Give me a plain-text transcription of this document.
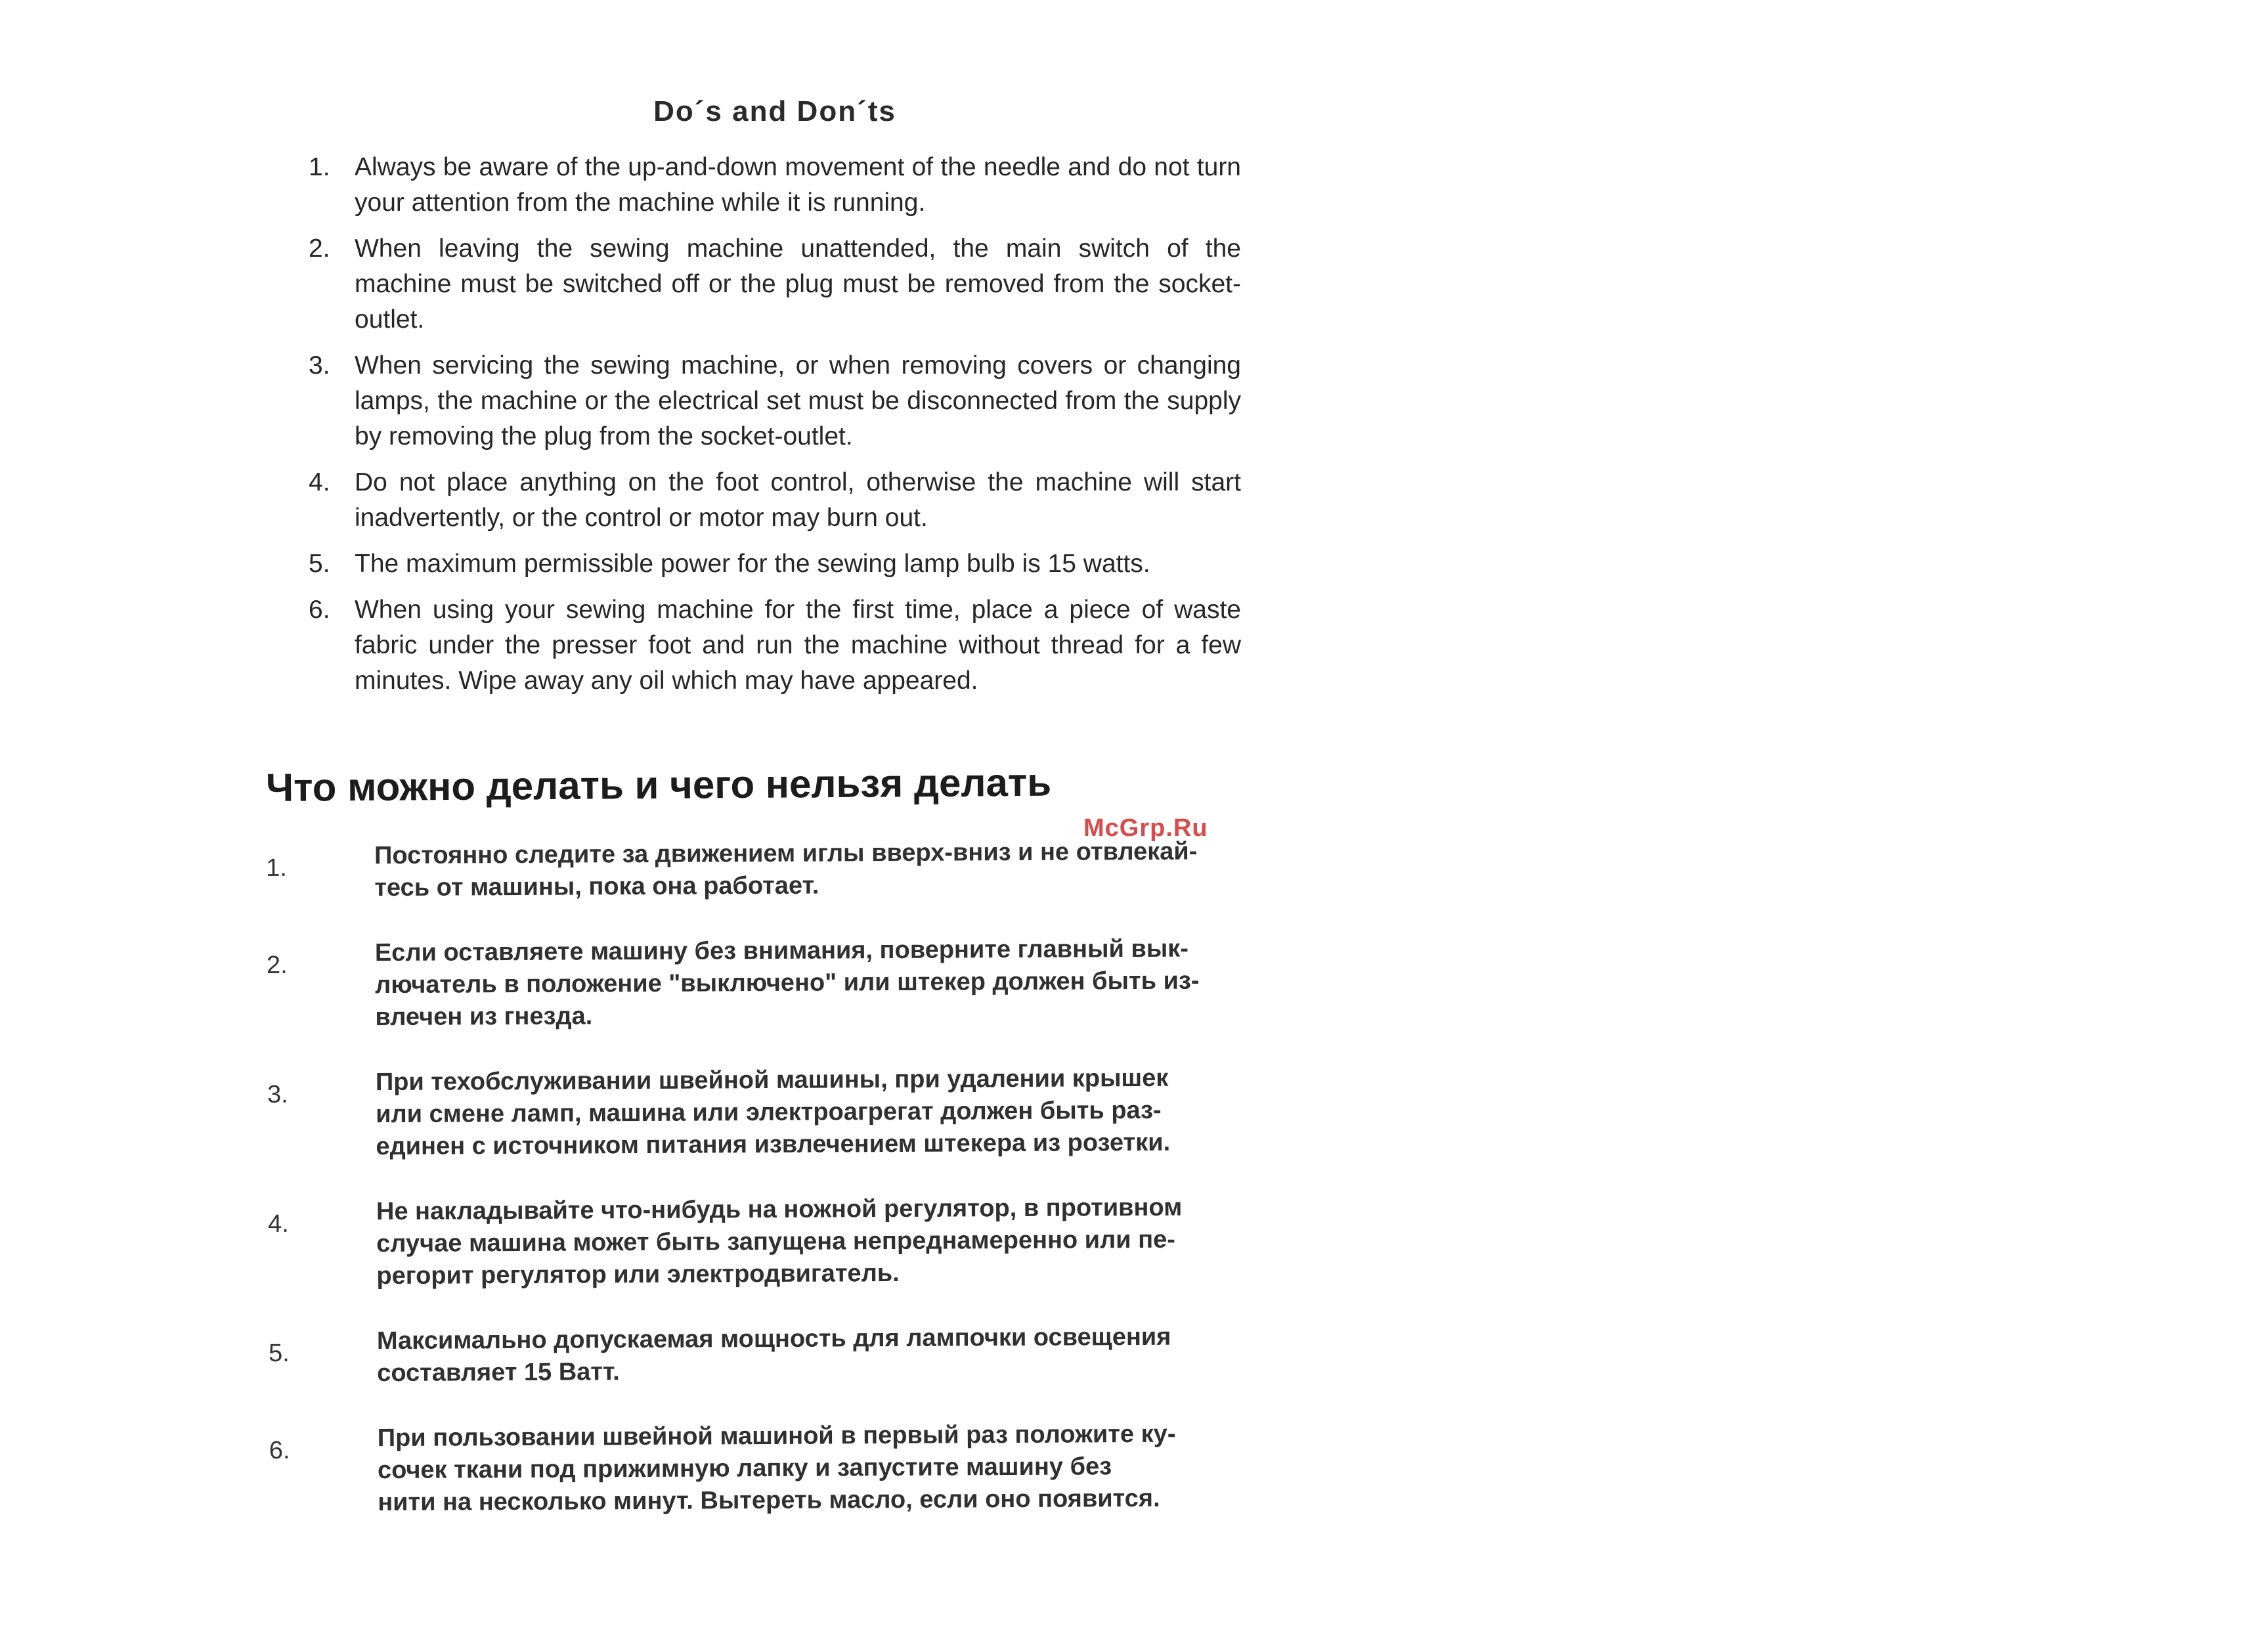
Do´s and Don´ts
1. Always be aware of the up-and-down movement of the needle and do not turn your attention from the machine while it is running.
2. When leaving the sewing machine unattended, the main switch of the machine must be switched off or the plug must be removed from the socket-outlet.
3. When servicing the sewing machine, or when removing covers or changing lamps, the machine or the electrical set must be disconnected from the supply by removing the plug from the socket-outlet.
4. Do not place anything on the foot control, otherwise the machine will start inadvertently, or the control or motor may burn out.
5. The maximum permissible power for the sewing lamp bulb is 15 watts.
6. When using your sewing machine for the first time, place a piece of waste fabric under the presser foot and run the machine without thread for a few minutes. Wipe away any oil which may have appeared.
Что можно делать и чего нельзя делать
McGrp.Ru
1.	Постоянно следите за движением иглы вверх-вниз и не отвлекай-
тесь от машины, пока она работает.
2.	Если оставляете машину без внимания, поверните главный вык-
лючатель в положение "выключено" или штекер должен быть из-
влечен из гнезда.
3.	При техобслуживании швейной машины, при удалении крышек
или смене ламп, машина или электроагрегат должен быть раз-
единен с источником питания извлечением штекера из розетки.
4.	Не накладывайте что-нибудь на ножной регулятор, в противном
случае машина может быть запущена непреднамеренно или пе-
регорит регулятор или электродвигатель.
5.	Максимально допускаемая мощность для лампочки освещения
составляет 15 Ватт.
6.	При пользовании швейной машиной в первый раз положите ку-
сочек ткани под прижимную лапку и запустите машину без
нити на несколько минут. Вытереть масло, если оно появится.
